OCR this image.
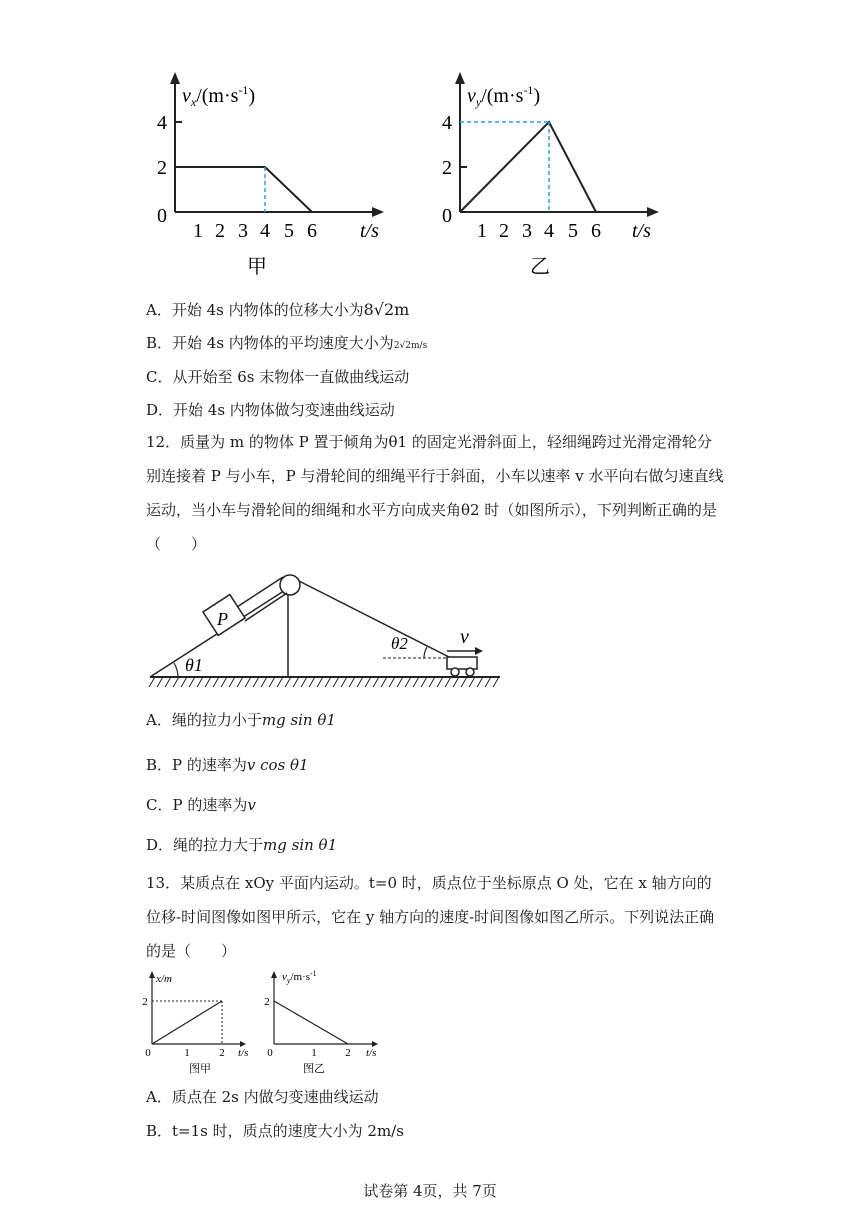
4
2
0
1 2 3 4 5 6 t/s
$v_x/(m\cdot s^{-1})$
甲
4
2
0
1 2 3 4 5 6 t/s
$v_y/(m\cdot s^{-1})$
乙
A．开始 4s 内物体的位移大小为8√2m
B．开始 4s 内物体的平均速度大小为2√2m/s
C．从开始至 6s 末物体一直做曲线运动
D．开始 4s 内物体做匀变速曲线运动
12．质量为 m 的物体 P 置于倾角为θ1 的固定光滑斜面上，轻细绳跨过光滑定滑轮分别连接着 P 与小车，P 与滑轮间的细绳平行于斜面，小车以速率 v 水平向右做匀速直线运动，当小车与滑轮间的细绳和水平方向成夹角θ2 时（如图所示），下列判断正确的是（　　）
P
θ1
θ2	v
A．绳的拉力小于mg sin θ1
B．P 的速率为v cos θ1
C．P 的速率为v
D．绳的拉力大于mg sin θ1
13．某质点在 xOy 平面内运动。t=0 时，质点位于坐标原点 O 处，它在 x 轴方向的位移-时间图像如图甲所示，它在 y 轴方向的速度-时间图像如图乙所示。下列说法正确的是（　　）
x/m
2
0	1	2 t/s
图甲
$v_y/m\cdot s^{-1}$
2
0	1	2 t/s
图乙
A．质点在 2s 内做匀变速曲线运动
B．t=1s 时，质点的速度大小为 2m/s
试卷第 4页，共 7页
